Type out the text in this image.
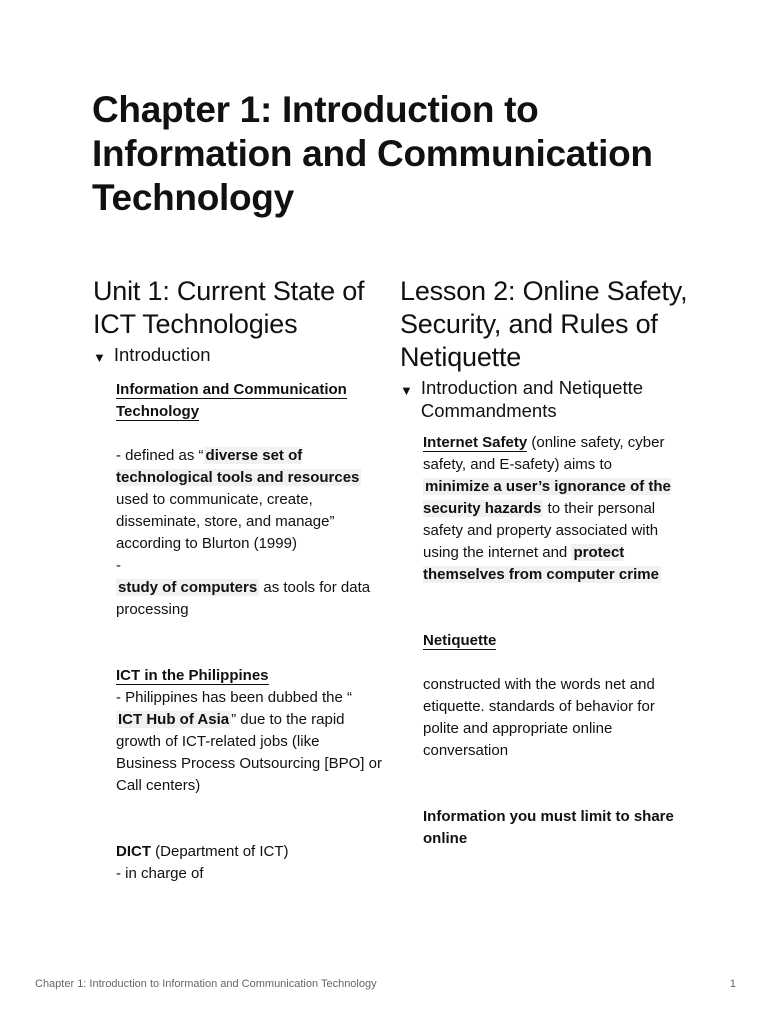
Chapter 1: Introduction to Information and Communication Technology
Unit 1: Current State of ICT Technologies
▼ Introduction

Information and Communication Technology

- defined as “ diverse set of technological tools and resources used to communicate, create, disseminate, store, and manage” according to Blurton (1999)

-

study of computers as tools for data processing

ICT in the Philippines

- Philippines has been dubbed the “

ICT Hub of Asia ” due to the rapid growth of ICT-related jobs (like Business Process Outsourcing [BPO] or Call centers)

DICT (Department of ICT)

- in charge of

Lesson 2: Online Safety, Security, and Rules of Netiquette
▼ Introduction and Netiquette Commandments

Internet Safety (online safety, cyber safety, and E-safety) aims to

minimize a user’s ignorance of the security hazards to their personal safety and property associated with using the internet and protect themselves from computer crime

Netiquette

constructed with the words net and etiquette. standards of behavior for polite and appropriate online conversation

Information you must limit to share online

Chapter 1: Introduction to Information and Communication Technology	1
